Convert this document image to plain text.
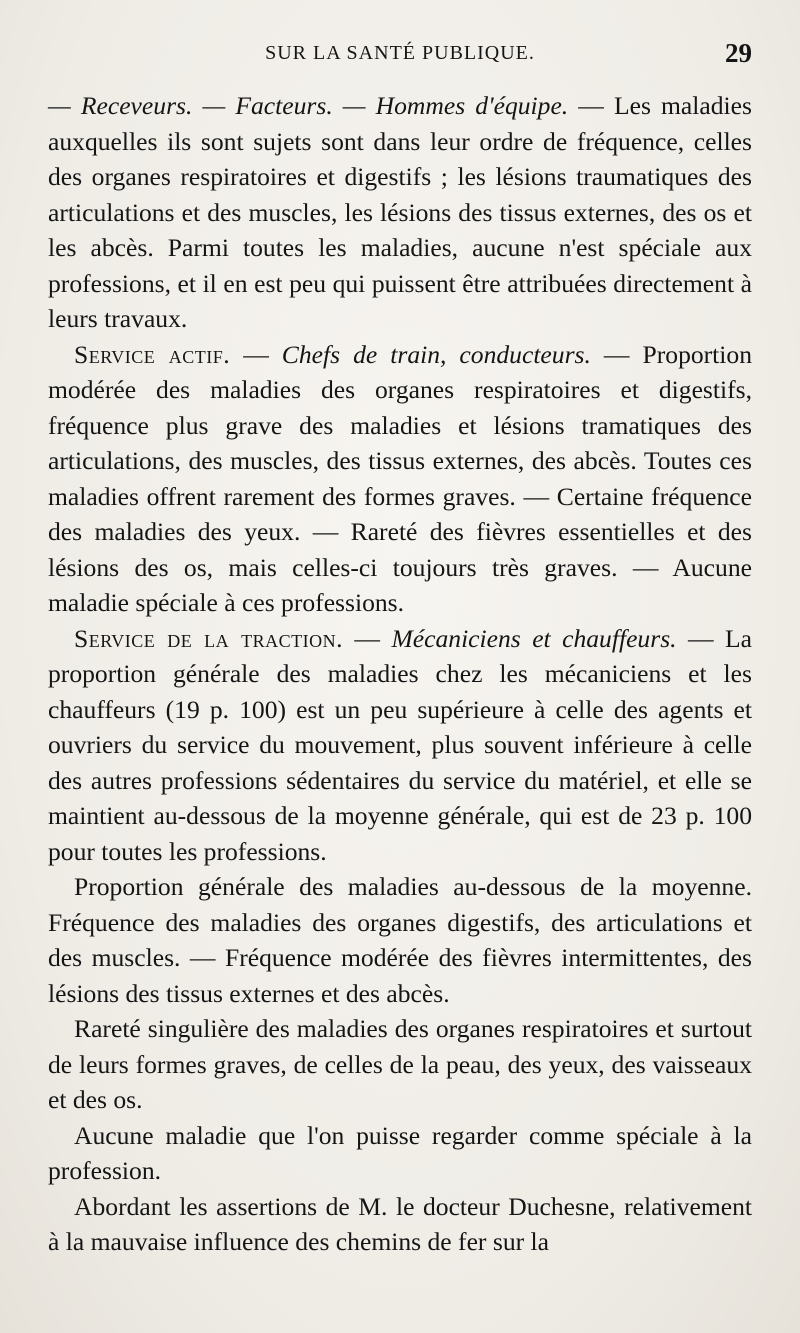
SUR LA SANTÉ PUBLIQUE.	29

— Receveurs. — Facteurs. — Hommes d'équipe. — Les maladies auxquelles ils sont sujets sont dans leur ordre de fréquence, celles des organes respiratoires et digestifs ; les lésions traumatiques des articulations et des muscles, les lésions des tissus externes, des os et les abcès. Parmi toutes les maladies, aucune n'est spéciale aux professions, et il en est peu qui puissent être attribuées directement à leurs travaux.

Service actif. — Chefs de train, conducteurs. — Proportion modérée des maladies des organes respiratoires et digestifs, fréquence plus grave des maladies et lésions tramatiques des articulations, des muscles, des tissus externes, des abcès. Toutes ces maladies offrent rarement des formes graves. — Certaine fréquence des maladies des yeux. — Rareté des fièvres essentielles et des lésions des os, mais celles-ci toujours très graves. — Aucune maladie spéciale à ces professions.

Service de la traction. — Mécaniciens et chauffeurs. — La proportion générale des maladies chez les mécaniciens et les chauffeurs (19 p. 100) est un peu supérieure à celle des agents et ouvriers du service du mouvement, plus souvent inférieure à celle des autres professions sédentaires du service du matériel, et elle se maintient au-dessous de la moyenne générale, qui est de 23 p. 100 pour toutes les professions.

Proportion générale des maladies au-dessous de la moyenne. Fréquence des maladies des organes digestifs, des articulations et des muscles. — Fréquence modérée des fièvres intermittentes, des lésions des tissus externes et des abcès.

Rareté singulière des maladies des organes respiratoires et surtout de leurs formes graves, de celles de la peau, des yeux, des vaisseaux et des os.

Aucune maladie que l'on puisse regarder comme spéciale à la profession.

Abordant les assertions de M. le docteur Duchesne, relativement à la mauvaise influence des chemins de fer sur la
